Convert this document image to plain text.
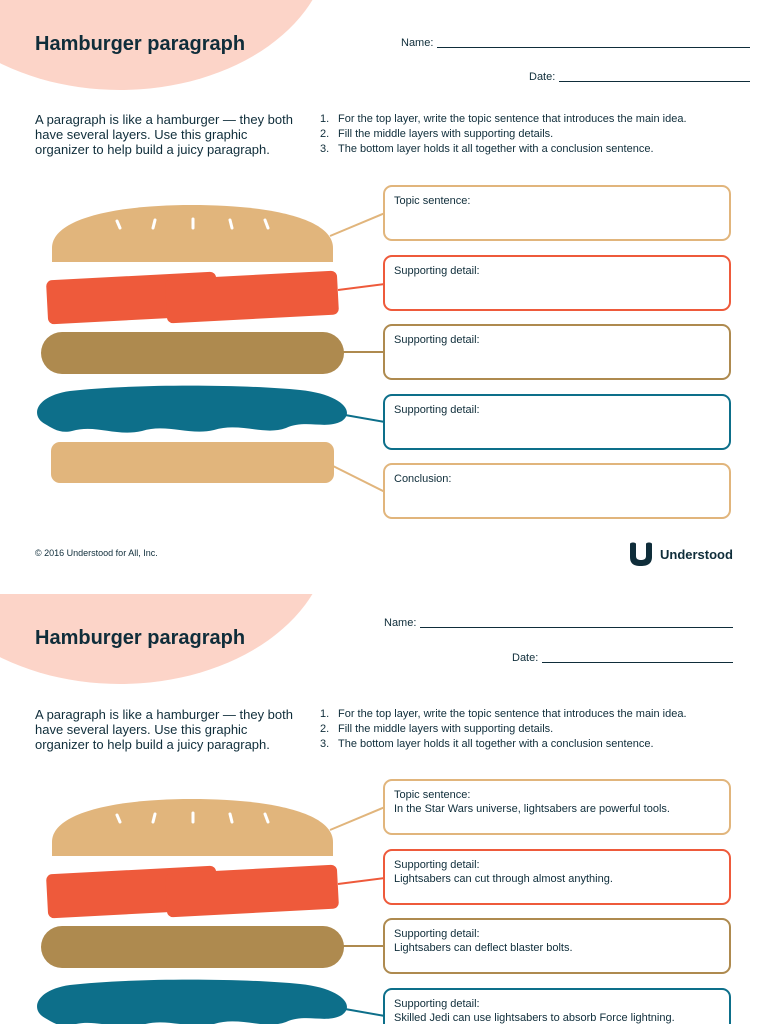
Hamburger paragraph	Name:
Date:
A paragraph is like a hamburger — they both have several layers. Use this graphic organizer to help build a juicy paragraph.
1. For the top layer, write the topic sentence that introduces the main idea.
2. Fill the middle layers with supporting details.
3. The bottom layer holds it all together with a conclusion sentence.
Topic sentence:
Supporting detail:
Supporting detail:
Supporting detail:
Conclusion:
© 2016 Understood for All, Inc.	Understood
Hamburger paragraph
Name:
Date:
A paragraph is like a hamburger — they both have several layers. Use this graphic organizer to help build a juicy paragraph.
1. For the top layer, write the topic sentence that introduces the main idea.
2. Fill the middle layers with supporting details.
3. The bottom layer holds it all together with a conclusion sentence.
Topic sentence:
In the Star Wars universe, lightsabers are powerful tools.
Supporting detail:
Lightsabers can cut through almost anything.
Supporting detail:
Lightsabers can deflect blaster bolts.
Supporting detail:
Skilled Jedi can use lightsabers to absorb Force lightning.
